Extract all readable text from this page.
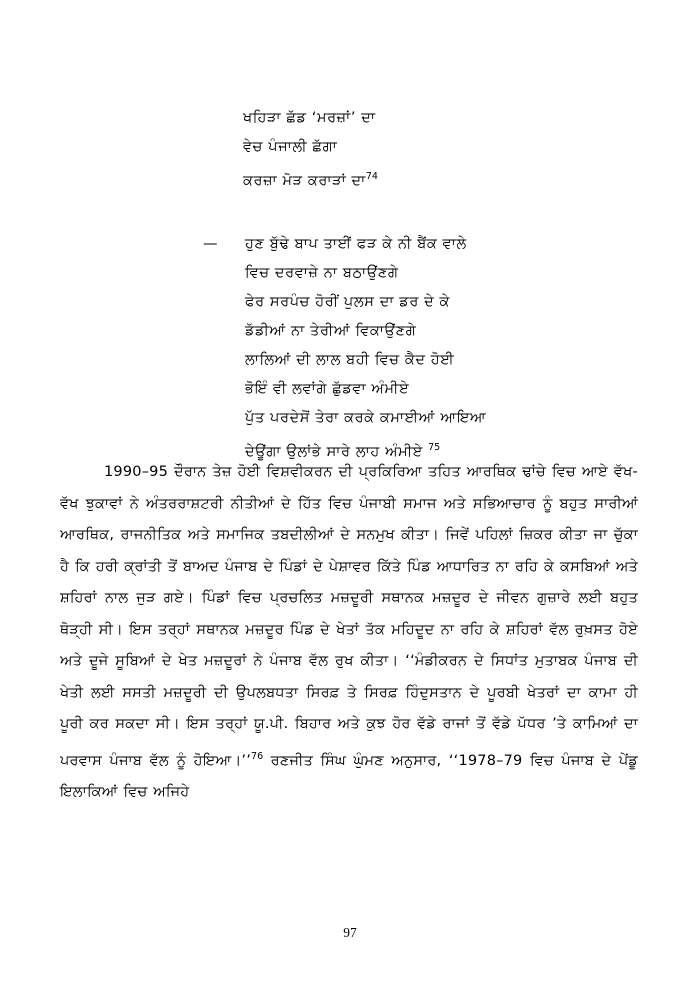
ਖਹਿੜਾ ਛੱਡ ‘ਮਰਜ਼ਾਂ’ ਦਾ
ਵੇਚ ਪੰਜਾਲੀ ਛੱਗਾ
ਕਰਜ਼ਾ ਮੋੜ ਕਰਾੜਾਂ ਦਾ$^{74}$
—	ਹੁਣ ਬੁੱਢੇ ਬਾਪ ਤਾਈਂ ਫੜ ਕੇ ਨੀ ਬੈਂਕ ਵਾਲੇ
ਵਿਚ ਦਰਵਾਜ਼ੇ ਨਾ ਬਠਾਉਂਣਗੇ
ਫੇਰ ਸਰਪੰਚ ਹੋਰੀਂ ਪੁਲਸ ਦਾ ਡਰ ਦੇ ਕੇ
ਡੱਡੀਆਂ ਨਾ ਤੇਰੀਆਂ ਵਿਕਾਉਂਣਗੇ
ਲਾਲਿਆਂ ਦੀ ਲਾਲ ਬਹੀ ਵਿਚ ਕੈਦ ਹੋਈ
ਭੋਇੰ ਵੀ ਲਵਾਂਗੇ ਛੁੱਡਵਾ ਅੰਮੀਏ
ਪੁੱਤ ਪਰਦੇਸੋਂ ਤੇਰਾ ਕਰਕੇ ਕਮਾਈਆਂ ਆਇਆ
ਦੇਊਂਗਾ ਉਲਾਂਭੇ ਸਾਰੇ ਲਾਹ ਅੰਮੀਏ $^{75}$

1990–95 ਦੌਰਾਨ ਤੇਜ਼ ਹੋਈ ਵਿਸ਼ਵੀਕਰਨ ਦੀ ਪ੍ਰਕਿਰਿਆ ਤਹਿਤ ਆਰਥਿਕ ਢਾਂਚੇ ਵਿਚ ਆਏ ਵੱਖ-ਵੱਖ ਝੁਕਾਵਾਂ ਨੇ ਅੰਤਰਰਾਸ਼ਟਰੀ ਨੀਤੀਆਂ ਦੇ ਹਿੱਤ ਵਿਚ ਪੰਜਾਬੀ ਸਮਾਜ ਅਤੇ ਸਭਿਆਚਾਰ ਨੂੰ ਬਹੁਤ ਸਾਰੀਆਂ ਆਰਥਿਕ, ਰਾਜਨੀਤਿਕ ਅਤੇ ਸਮਾਜਿਕ ਤਬਦੀਲੀਆਂ ਦੇ ਸਨਮੁਖ ਕੀਤਾ। ਜਿਵੇਂ ਪਹਿਲਾਂ ਜ਼ਿਕਰ ਕੀਤਾ ਜਾ ਚੁੱਕਾ ਹੈ ਕਿ ਹਰੀ ਕ੍ਰਾਂਤੀ ਤੋਂ ਬਾਅਦ ਪੰਜਾਬ ਦੇ ਪਿੰਡਾਂ ਦੇ ਪੇਸ਼ਾਵਰ ਕਿੱਤੇ ਪਿੰਡ ਆਧਾਰਿਤ ਨਾ ਰਹਿ ਕੇ ਕਸਬਿਆਂ ਅਤੇ ਸ਼ਹਿਰਾਂ ਨਾਲ ਜੁੜ ਗਏ। ਪਿੰਡਾਂ ਵਿਚ ਪ੍ਰਚਲਿਤ ਮਜ਼ਦੂਰੀ ਸਥਾਨਕ ਮਜ਼ਦੂਰ ਦੇ ਜੀਵਨ ਗੁਜ਼ਾਰੇ ਲਈ ਬਹੁਤ ਥੋੜ੍ਹੀ ਸੀ। ਇਸ ਤਰ੍ਹਾਂ ਸਥਾਨਕ ਮਜ਼ਦੂਰ ਪਿੰਡ ਦੇ ਖੇਤਾਂ ਤੱਕ ਮਹਿਦੂਦ ਨਾ ਰਹਿ ਕੇ ਸ਼ਹਿਰਾਂ ਵੱਲ ਰੁਖ਼ਸਤ ਹੋਏ ਅਤੇ ਦੂਜੇ ਸੂਬਿਆਂ ਦੇ ਖੇਤ ਮਜ਼ਦੂਰਾਂ ਨੇ ਪੰਜਾਬ ਵੱਲ ਰੁਖ ਕੀਤਾ। ‘‘ਮੰਡੀਕਰਨ ਦੇ ਸਿਧਾਂਤ ਮੁਤਾਬਕ ਪੰਜਾਬ ਦੀ ਖੇਤੀ ਲਈ ਸਸਤੀ ਮਜ਼ਦੂਰੀ ਦੀ ਉਪਲਬਧਤਾ ਸਿਰਫ਼ ਤੇ ਸਿਰਫ਼ ਹਿੰਦੁਸਤਾਨ ਦੇ ਪੂਰਬੀ ਖੇਤਰਾਂ ਦਾ ਕਾਮਾ ਹੀ ਪੂਰੀ ਕਰ ਸਕਦਾ ਸੀ। ਇਸ ਤਰ੍ਹਾਂ ਯੂ.ਪੀ. ਬਿਹਾਰ ਅਤੇ ਕੁਝ ਹੋਰ ਵੱਡੇ ਰਾਜਾਂ ਤੋਂ ਵੱਡੇ ਪੱਧਰ ’ਤੇ ਕਾਮਿਆਂ ਦਾ ਪਰਵਾਸ ਪੰਜਾਬ ਵੱਲ ਨੂੰ ਹੋਇਆ।’’$^{76}$ ਰਣਜੀਤ ਸਿੰਘ ਘੁੰਮਣ ਅਨੁਸਾਰ, ‘‘1978–79 ਵਿਚ ਪੰਜਾਬ ਦੇ ਪੇਂਡੂ ਇਲਾਕਿਆਂ ਵਿਚ ਅਜਿਹੇ

97
